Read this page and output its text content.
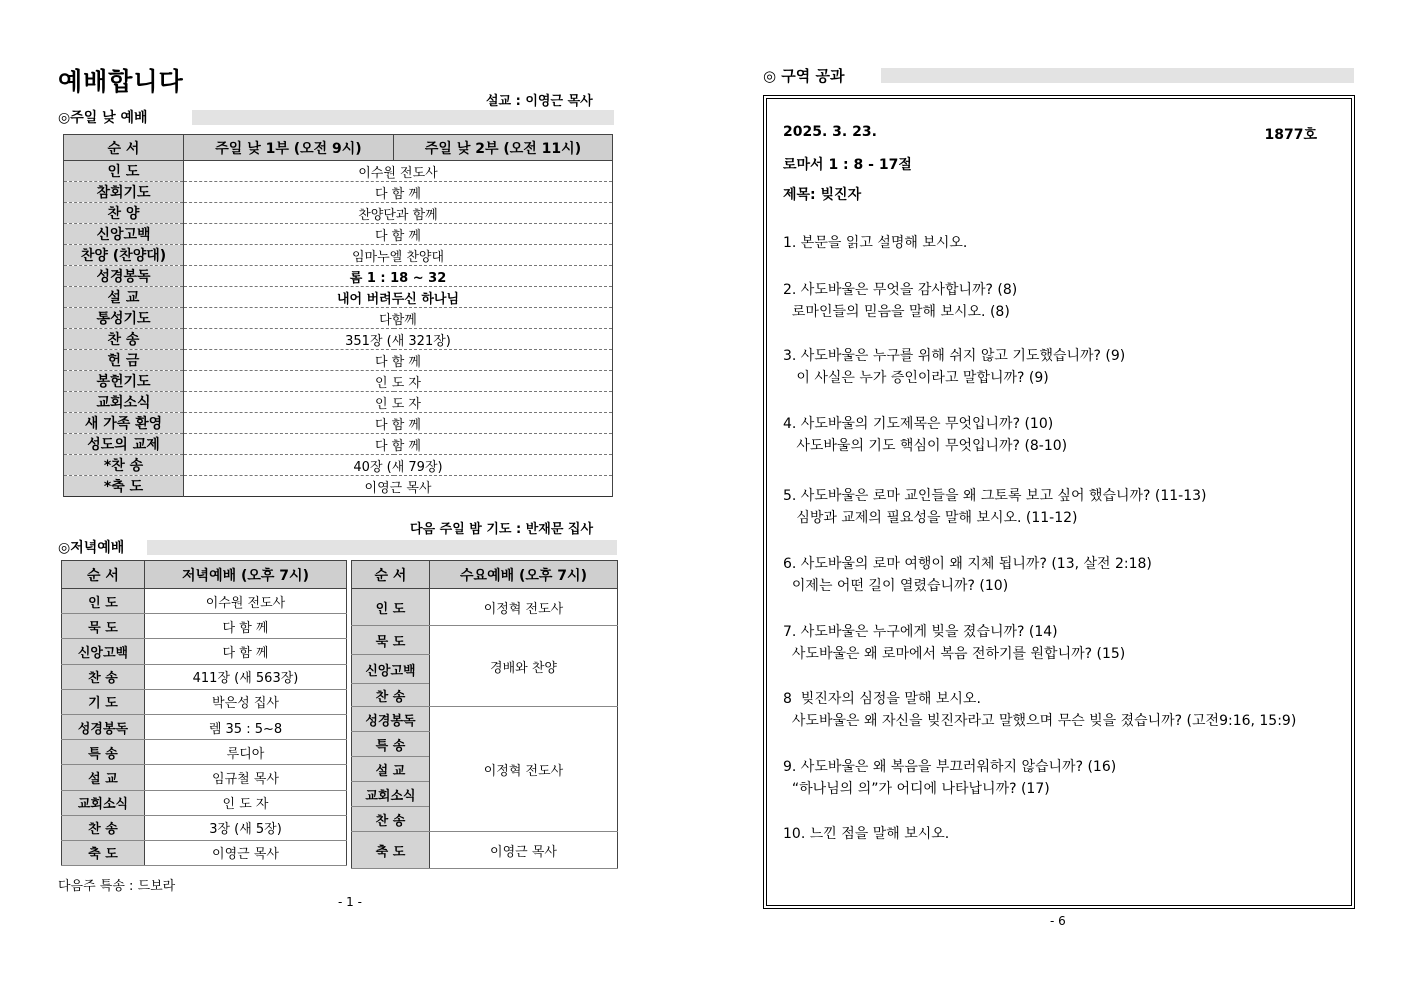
예배합니다
설교 : 이영근 목사
◎주일 낮 예배
순 서	주일 낮 1부 (오전 9시)	주일 낮 2부 (오전 11시)
인 도	이수원 전도사	
참회기도	다 함 께	
찬 양	찬양단과 함께	
신앙고백	다 함 께	
찬양 (찬양대)	임마누엘 찬양대	
성경봉독	롬 1 : 18 ~ 32	
설 교	내어 버려두신 하나님	
통성기도	다함께	
찬 송	351장 (새 321장)	
헌 금	다 함 께	
봉헌기도	인 도 자	
교회소식	인 도 자	
새 가족 환영	다 함 께	
성도의 교제	다 함 께	
*찬 송	40장 (새 79장)	
*축 도	이영근 목사	
다음 주일 밤 기도 : 반재문 집사
◎저녁예배
순 서	저녁예배 (오후 7시)
인 도	이수원 전도사
묵 도	다 함 께
신앙고백	다 함 께
찬 송	411장 (새 563장)
기 도	박은성 집사
성경봉독	렘 35 : 5~8
특 송	루디아
설 교	임규철 목사
교회소식	인 도 자
찬 송	3장 (새 5장)
축 도	이영근 목사
순 서	수요예배 (오후 7시)
인 도	이정혁 전도사
묵 도	경배와 찬양
신앙고백	
찬 송	
성경봉독	이정혁 전도사
특 송	
설 교	
교회소식	
찬 송	
축 도	이영근 목사
다음주 특송 : 드보라
- 1 -
◎ 구역 공과
2025. 3. 23.	1877호
로마서 1 : 8 - 17절
제목: 빚진자
1. 본문을 읽고 설명해 보시오.
2. 사도바울은 무엇을 감사합니까? (8)
로마인들의 믿음을 말해 보시오. (8)
3. 사도바울은 누구를 위해 쉬지 않고 기도했습니까? (9)
이 사실은 누가 증인이라고 말합니까? (9)
4. 사도바울의 기도제목은 무엇입니까? (10)
사도바울의 기도 핵심이 무엇입니까? (8-10)
5. 사도바울은 로마 교인들을 왜 그토록 보고 싶어 했습니까? (11-13)
심방과 교제의 필요성을 말해 보시오. (11-12)
6. 사도바울의 로마 여행이 왜 지체 됩니까? (13, 살전 2:18)
이제는 어떤 길이 열렸습니까? (10)
7. 사도바울은 누구에게 빚을 졌습니까? (14)
사도바울은 왜 로마에서 복음 전하기를 원합니까? (15)
8  빚진자의 심정을 말해 보시오.
사도바울은 왜 자신을 빚진자라고 말했으며 무슨 빚을 졌습니까? (고전9:16, 15:9)
9. 사도바울은 왜 복음을 부끄러워하지 않습니까? (16)
“하나님의 의”가 어디에 나타납니까? (17)
10. 느낀 점을 말해 보시오.
- 6
